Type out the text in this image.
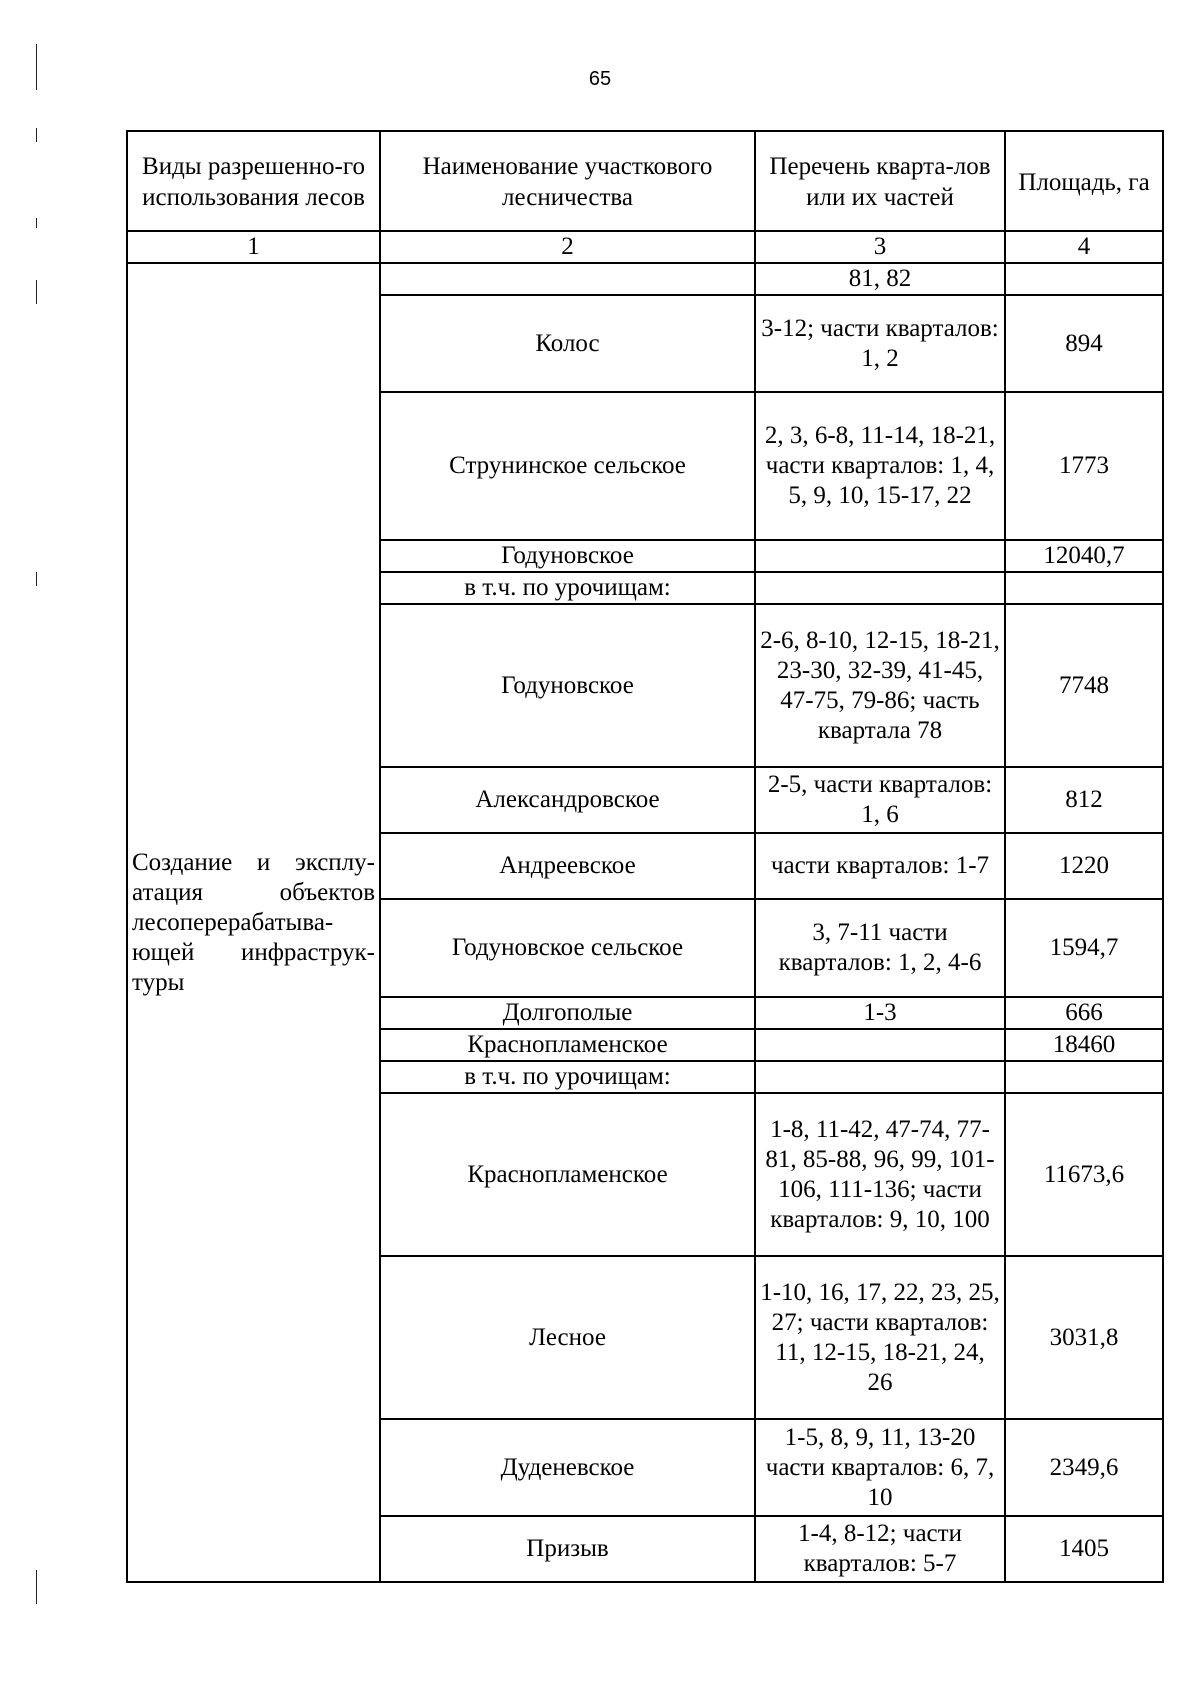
65
Виды разрешенно-го использования лесов	Наименование участкового лесничества	Перечень кварта-лов или их частей	Площадь, га
1	2	3	4

Создание и эксплу-атация объектов лесоперерабатыва-ющей инфраструк-туры		81, 82	
	Колос	3-12; части кварталов: 1, 2	894
	Струнинское сельское	2, 3, 6-8, 11-14, 18-21, части кварталов: 1, 4, 5, 9, 10, 15-17, 22	1773
	Годуновское		12040,7
	в т.ч. по урочищам:		
	Годуновское	2-6, 8-10, 12-15, 18-21, 23-30, 32-39, 41-45, 47-75, 79-86; часть квартала 78	7748
	Александровское	2-5, части кварталов: 1, 6	812
	Андреевское	части кварталов: 1-7	1220
	Годуновское сельское	3, 7-11 части кварталов: 1, 2, 4-6	1594,7
	Долгополые	1-3	666
	Краснопламенское		18460
	в т.ч. по урочищам:		
	Краснопламенское	1-8, 11-42, 47-74, 77-81, 85-88, 96, 99, 101-106, 111-136; части кварталов: 9, 10, 100	11673,6
	Лесное	1-10, 16, 17, 22, 23, 25, 27; части кварталов: 11, 12-15, 18-21, 24, 26	3031,8
	Дуденевское	1-5, 8, 9, 11, 13-20 части кварталов: 6, 7, 10	2349,6
	Призыв	1-4, 8-12; части кварталов: 5-7	1405
